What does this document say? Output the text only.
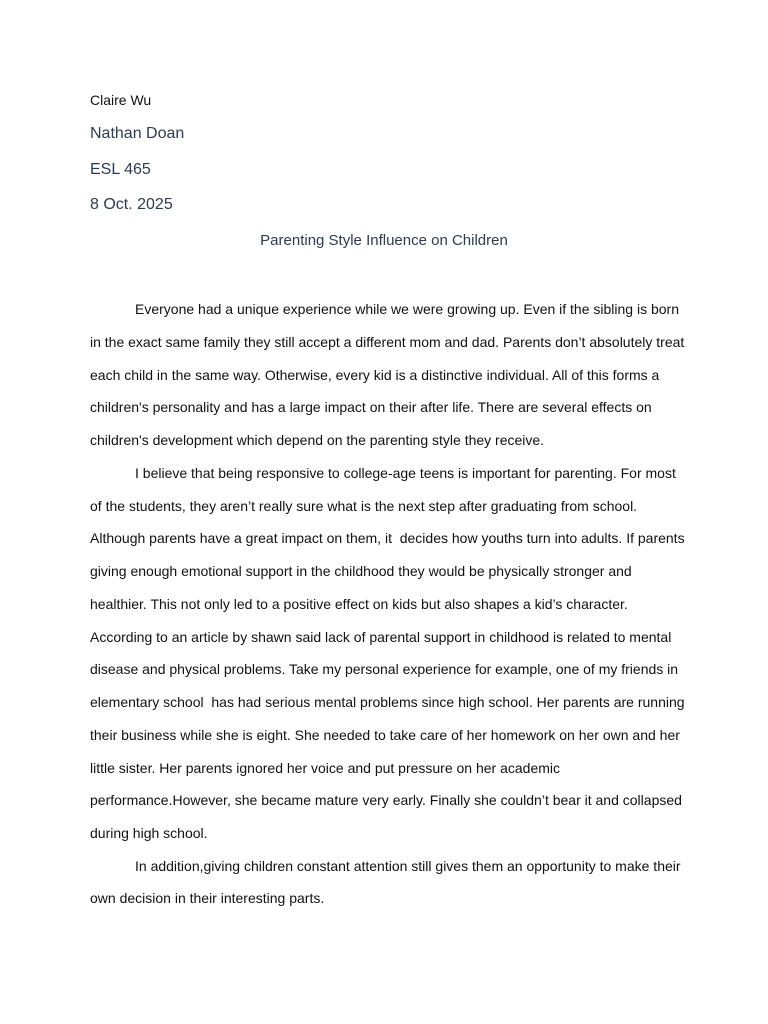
Claire Wu

Nathan Doan

ESL 465

8 Oct. 2025

Parenting Style Influence on Children

Everyone had a unique experience while we were growing up. Even if the sibling is born

in the exact same family they still accept a different mom and dad. Parents don’t absolutely treat

each child in the same way. Otherwise, every kid is a distinctive individual. All of this forms a

children's personality and has a large impact on their after life. There are several effects on

children's development which depend on the parenting style they receive.

I believe that being responsive to college-age teens is important for parenting. For most

of the students, they aren’t really sure what is the next step after graduating from school.

Although parents have a great impact on them, it  decides how youths turn into adults. If parents

giving enough emotional support in the childhood they would be physically stronger and

healthier. This not only led to a positive effect on kids but also shapes a kid’s character.

According to an article by shawn said lack of parental support in childhood is related to mental

disease and physical problems. Take my personal experience for example, one of my friends in

elementary school  has had serious mental problems since high school. Her parents are running

their business while she is eight. She needed to take care of her homework on her own and her

little sister. Her parents ignored her voice and put pressure on her academic

performance.However, she became mature very early. Finally she couldn’t bear it and collapsed

during high school.

In addition,giving children constant attention still gives them an opportunity to make their

own decision in their interesting parts.
